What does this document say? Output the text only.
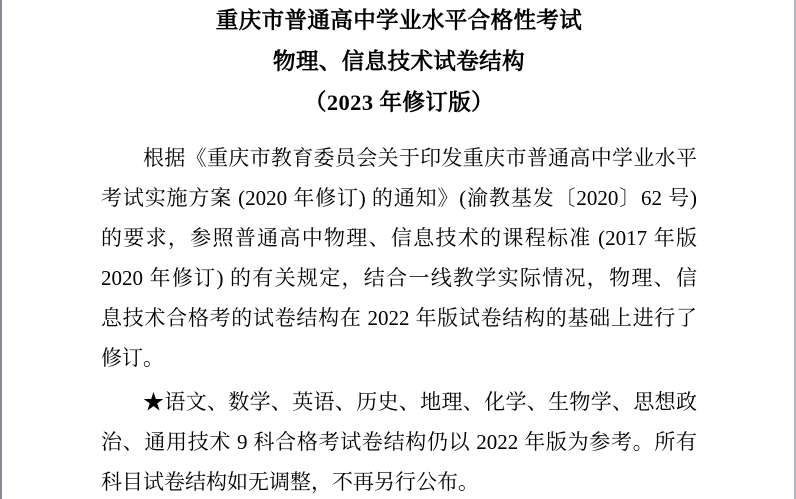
重庆市普通高中学业水平合格性考试
物理、信息技术试卷结构
（2023 年修订版）
根据《重庆市教育委员会关于印发重庆市普通高中学业水平
考试实施方案 (2020 年修订) 的通知》(渝教基发〔2020〕62 号)
的要求，参照普通高中物理、信息技术的课程标准 (2017 年版
2020 年修订) 的有关规定，结合一线教学实际情况，物理、信
息技术合格考的试卷结构在 2022 年版试卷结构的基础上进行了
修订。
★语文、数学、英语、历史、地理、化学、生物学、思想政
治、通用技术 9 科合格考试卷结构仍以 2022 年版为参考。所有
科目试卷结构如无调整，不再另行公布。
